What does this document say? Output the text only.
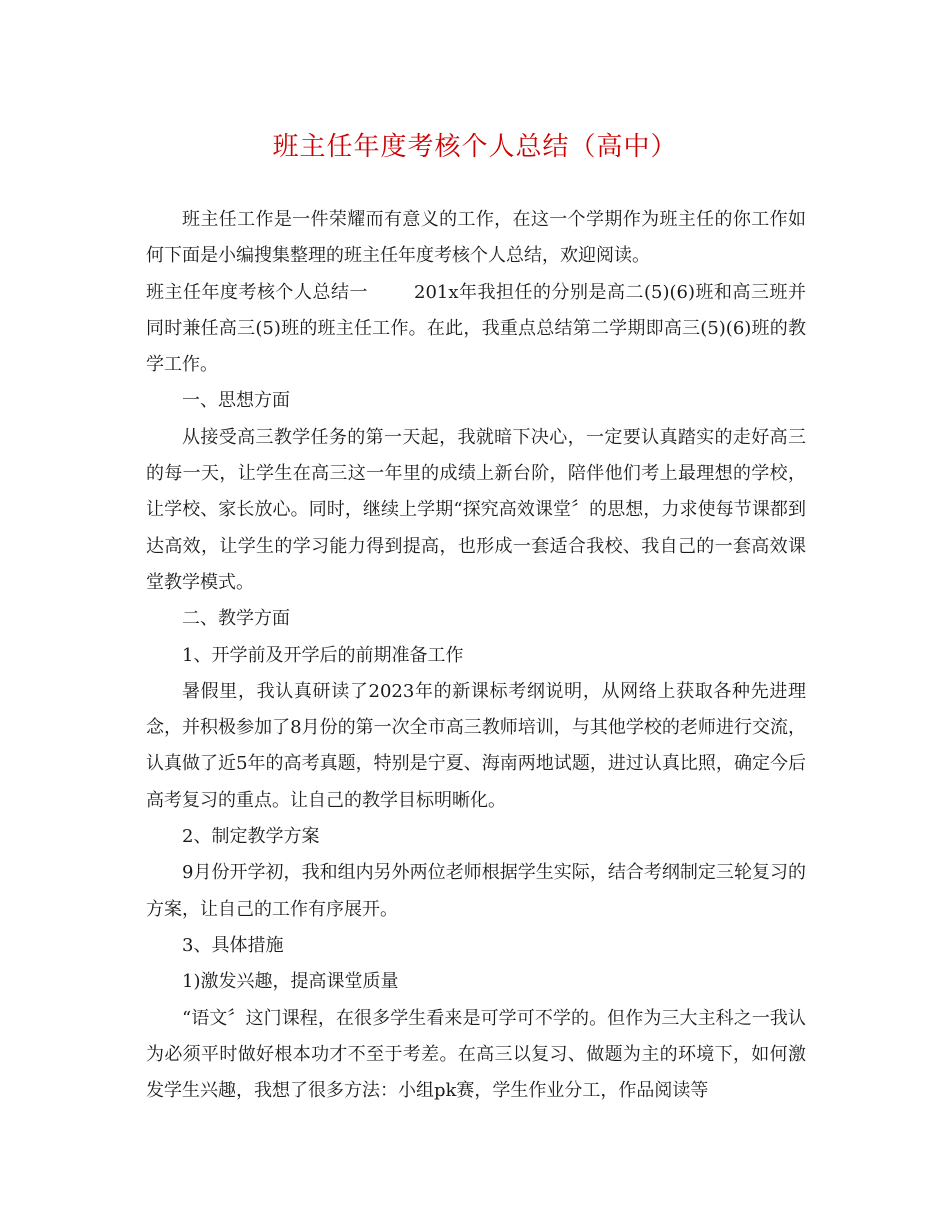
班主任年度考核个人总结（高中）

班主任工作是一件荣耀而有意义的工作，在这一个学期作为班主任的你工作如何下面是小编搜集整理的班主任年度考核个人总结，欢迎阅读。

班主任年度考核个人总结一	201x年我担任的分别是高二(5)(6)班和高三班并同时兼任高三(5)班的班主任工作。在此，我重点总结第二学期即高三(5)(6)班的教学工作。

一、思想方面

从接受高三教学任务的第一天起，我就暗下决心，一定要认真踏实的走好高三的每一天，让学生在高三这一年里的成绩上新台阶，陪伴他们考上最理想的学校，让学校、家长放心。同时，继续上学期“探究高效课堂〞的思想，力求使每节课都到达高效，让学生的学习能力得到提高，也形成一套适合我校、我自己的一套高效课堂教学模式。

二、教学方面

1、开学前及开学后的前期准备工作

暑假里，我认真研读了2023年的新课标考纲说明，从网络上获取各种先进理念，并积极参加了8月份的第一次全市高三教师培训，与其他学校的老师进行交流，认真做了近5年的高考真题，特别是宁夏、海南两地试题，进过认真比照，确定今后高考复习的重点。让自己的教学目标明晰化。

2、制定教学方案

9月份开学初，我和组内另外两位老师根据学生实际，结合考纲制定三轮复习的方案，让自己的工作有序展开。

3、具体措施

1)激发兴趣，提高课堂质量

“语文〞这门课程，在很多学生看来是可学可不学的。但作为三大主科之一我认为必须平时做好根本功才不至于考差。在高三以复习、做题为主的环境下，如何激发学生兴趣，我想了很多方法：小组pk赛，学生作业分工，作品阅读等
